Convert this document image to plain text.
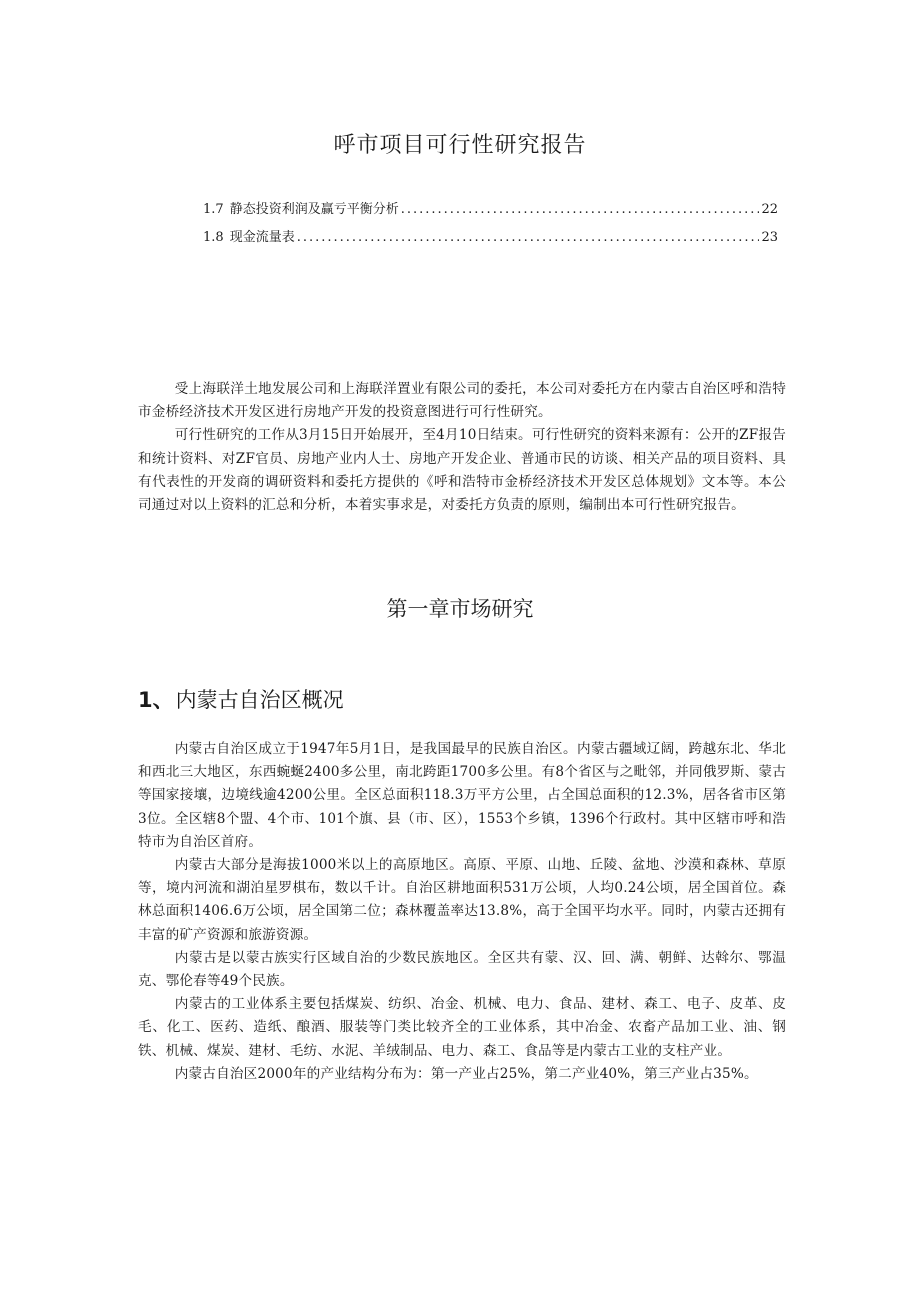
呼市项目可行性研究报告
1.7 静态投资利润及赢亏平衡分析 .....	22
1.8 现金流量表 .....	23

受上海联洋土地发展公司和上海联洋置业有限公司的委托，本公司对委托方在内蒙古自治区呼和浩特市金桥经济技术开发区进行房地产开发的投资意图进行可行性研究。

可行性研究的工作从3月15日开始展开，至4月10日结束。可行性研究的资料来源有：公开的ZF报告和统计资料、对ZF官员、房地产业内人士、房地产开发企业、普通市民的访谈、相关产品的项目资料、具有代表性的开发商的调研资料和委托方提供的《呼和浩特市金桥经济技术开发区总体规划》文本等。本公司通过对以上资料的汇总和分析，本着实事求是，对委托方负责的原则，编制出本可行性研究报告。

第一章市场研究
1、内蒙古自治区概况

内蒙古自治区成立于1947年5月1日，是我国最早的民族自治区。内蒙古疆域辽阔，跨越东北、华北和西北三大地区，东西蜿蜒2400多公里，南北跨距1700多公里。有8个省区与之毗邻，并同俄罗斯、蒙古等国家接壤，边境线逾4200公里。全区总面积118.3万平方公里，占全国总面积的12.3%，居各省市区第3位。全区辖8个盟、4个市、101个旗、县（市、区），1553个乡镇，1396个行政村。其中区辖市呼和浩特市为自治区首府。

内蒙古大部分是海拔1000米以上的高原地区。高原、平原、山地、丘陵、盆地、沙漠和森林、草原等，境内河流和湖泊星罗棋布，数以千计。自治区耕地面积531万公顷，人均0.24公顷，居全国首位。森林总面积1406.6万公顷，居全国第二位；森林覆盖率达13.8%，高于全国平均水平。同时，内蒙古还拥有丰富的矿产资源和旅游资源。

内蒙古是以蒙古族实行区域自治的少数民族地区。全区共有蒙、汉、回、满、朝鲜、达斡尔、鄂温克、鄂伦春等49个民族。

内蒙古的工业体系主要包括煤炭、纺织、冶金、机械、电力、食品、建材、森工、电子、皮革、皮毛、化工、医药、造纸、酿酒、服装等门类比较齐全的工业体系，其中冶金、农畜产品加工业、油、钢铁、机械、煤炭、建材、毛纺、水泥、羊绒制品、电力、森工、食品等是内蒙古工业的支柱产业。

内蒙古自治区2000年的产业结构分布为：第一产业占25%，第二产业40%，第三产业占35%。
